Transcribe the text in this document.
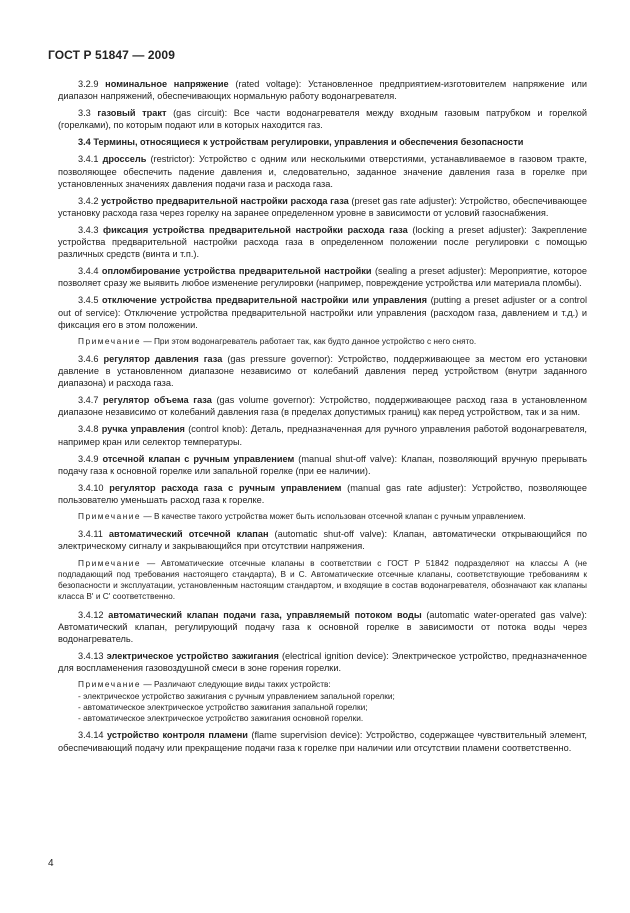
ГОСТ Р 51847 — 2009

3.2.9 номинальное напряжение (rated voltage): Установленное предприятием-изготовителем напряжение или диапазон напряжений, обеспечивающих нормальную работу водонагревателя.

3.3 газовый тракт (gas circuit): Все части водонагревателя между входным газовым патрубком и горелкой (горелками), по которым подают или в которых находится газ.

3.4 Термины, относящиеся к устройствам регулировки, управления и обеспечения безопасности

3.4.1 дроссель (restrictor): Устройство с одним или несколькими отверстиями, устанавливаемое в газовом тракте, позволяющее обеспечить падение давления и, следовательно, заданное значение давления газа в горелке при установленных значениях давления подачи газа и расхода газа.

3.4.2 устройство предварительной настройки расхода газа (preset gas rate adjuster): Устройство, обеспечивающее установку расхода газа через горелку на заранее определенном уровне в зависимости от условий газоснабжения.

3.4.3 фиксация устройства предварительной настройки расхода газа (locking a preset adjuster): Закрепление устройства предварительной настройки расхода газа в определенном положении после регулировки с помощью различных средств (винта и т.п.).

3.4.4 опломбирование устройства предварительной настройки (sealing a preset adjuster): Мероприятие, которое позволяет сразу же выявить любое изменение регулировки (например, повреждение устройства или материала пломбы).

3.4.5 отключение устройства предварительной настройки или управления (putting a preset adjuster or a control out of service): Отключение устройства предварительной настройки или управления (расходом газа, давлением и т.д.) и фиксация его в этом положении.

Примечание — При этом водонагреватель работает так, как будто данное устройство с него снято.

3.4.6 регулятор давления газа (gas pressure governor): Устройство, поддерживающее за местом его установки давление в установленном диапазоне независимо от колебаний давления перед устройством (внутри заданного диапазона) и расхода газа.

3.4.7 регулятор объема газа (gas volume governor): Устройство, поддерживающее расход газа в установленном диапазоне независимо от колебаний давления газа (в пределах допустимых границ) как перед устройством, так и за ним.

3.4.8 ручка управления (control knob): Деталь, предназначенная для ручного управления работой водонагревателя, например кран или селектор температуры.

3.4.9 отсечной клапан с ручным управлением (manual shut-off valve): Клапан, позволяющий вручную прерывать подачу газа к основной горелке или запальной горелке (при ее наличии).

3.4.10 регулятор расхода газа с ручным управлением (manual gas rate adjuster): Устройство, позволяющее пользователю уменьшать расход газа к горелке.

Примечание — В качестве такого устройства может быть использован отсечной клапан с ручным управлением.

3.4.11 автоматический отсечной клапан (automatic shut-off valve): Клапан, автоматически открывающийся по электрическому сигналу и закрывающийся при отсутствии напряжения.

Примечание — Автоматические отсечные клапаны в соответствии с ГОСТ Р 51842 подразделяют на классы А (не подпадающий под требования настоящего стандарта), В и С. Автоматические отсечные клапаны, соответствующие требованиям к безопасности и эксплуатации, установленным настоящим стандартом, и входящие в состав водонагревателя, обозначают как клапаны класса В' и С' соответственно.

3.4.12 автоматический клапан подачи газа, управляемый потоком воды (automatic water-operated gas valve): Автоматический клапан, регулирующий подачу газа к основной горелке в зависимости от потока воды через водонагреватель.

3.4.13 электрическое устройство зажигания (electrical ignition device): Электрическое устройство, предназначенное для воспламенения газовоздушной смеси в зоне горения горелки.

Примечание — Различают следующие виды таких устройств:

- электрическое устройство зажигания с ручным управлением запальной горелки;
- автоматическое электрическое устройство зажигания запальной горелки;
- автоматическое электрическое устройство зажигания основной горелки.

3.4.14 устройство контроля пламени (flame supervision device): Устройство, содержащее чувствительный элемент, обеспечивающий подачу или прекращение подачи газа к горелке при наличии или отсутствии пламени соответственно.

4
